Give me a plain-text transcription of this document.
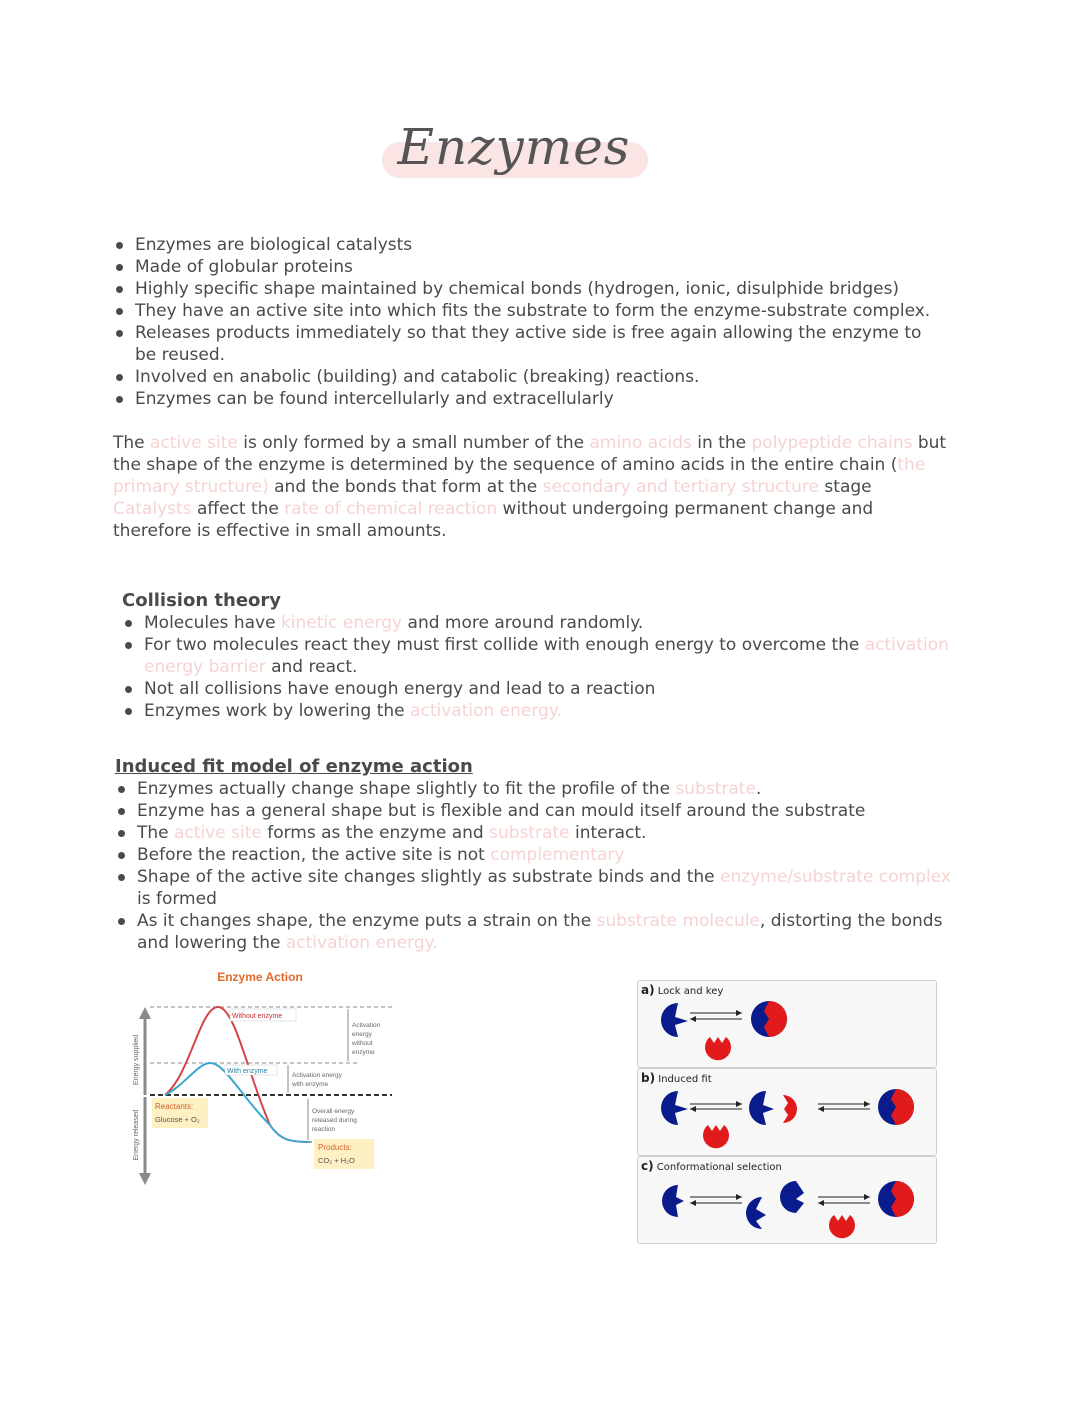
Enzymes
Enzymes are biological catalysts
Made of globular proteins
Highly specific shape maintained by chemical bonds (hydrogen, ionic, disulphide bridges)
They have an active site into which fits the substrate to form the enzyme-substrate complex.
Releases products immediately so that they active side is free again allowing the enzyme to be reused.
Involved en anabolic (building) and catabolic (breaking) reactions.
Enzymes can be found intercellularly and extracellularly
The active site is only formed by a small number of the amino acids in the polypeptide chains but the shape of the enzyme is determined by the sequence of amino acids in the entire chain (the primary structure) and the bonds that form at the secondary and tertiary structure stage
Catalysts affect the rate of chemical reaction without undergoing permanent change and therefore is effective in small amounts.
Collision theory
Molecules have kinetic energy and more around randomly.
For two molecules react they must first collide with enough energy to overcome the activation energy barrier and react.
Not all collisions have enough energy and lead to a reaction
Enzymes work by lowering the activation energy.
Induced fit model of enzyme action
Enzymes actually change shape slightly to fit the profile of the substrate.
Enzyme has a general shape but is flexible and can mould itself around the substrate
The active site forms as the enzyme and substrate interact.
Before the reaction, the active site is not complementary
Shape of the active site changes slightly as substrate binds and the enzyme/substrate complex is formed
As it changes shape, the enzyme puts a strain on the substrate molecule, distorting the bonds and lowering the activation energy.
Enzyme Action
Energy supplied
Energy released
Without enzyme
With enzyme
Activation energy without enzyme
Activation energy with enzyme
Overall energy released during reaction
Reactants:
Glucose + O₂
Products:
CO₂ + H₂O
a) Lock and key
b) Induced fit
c) Conformational selection
